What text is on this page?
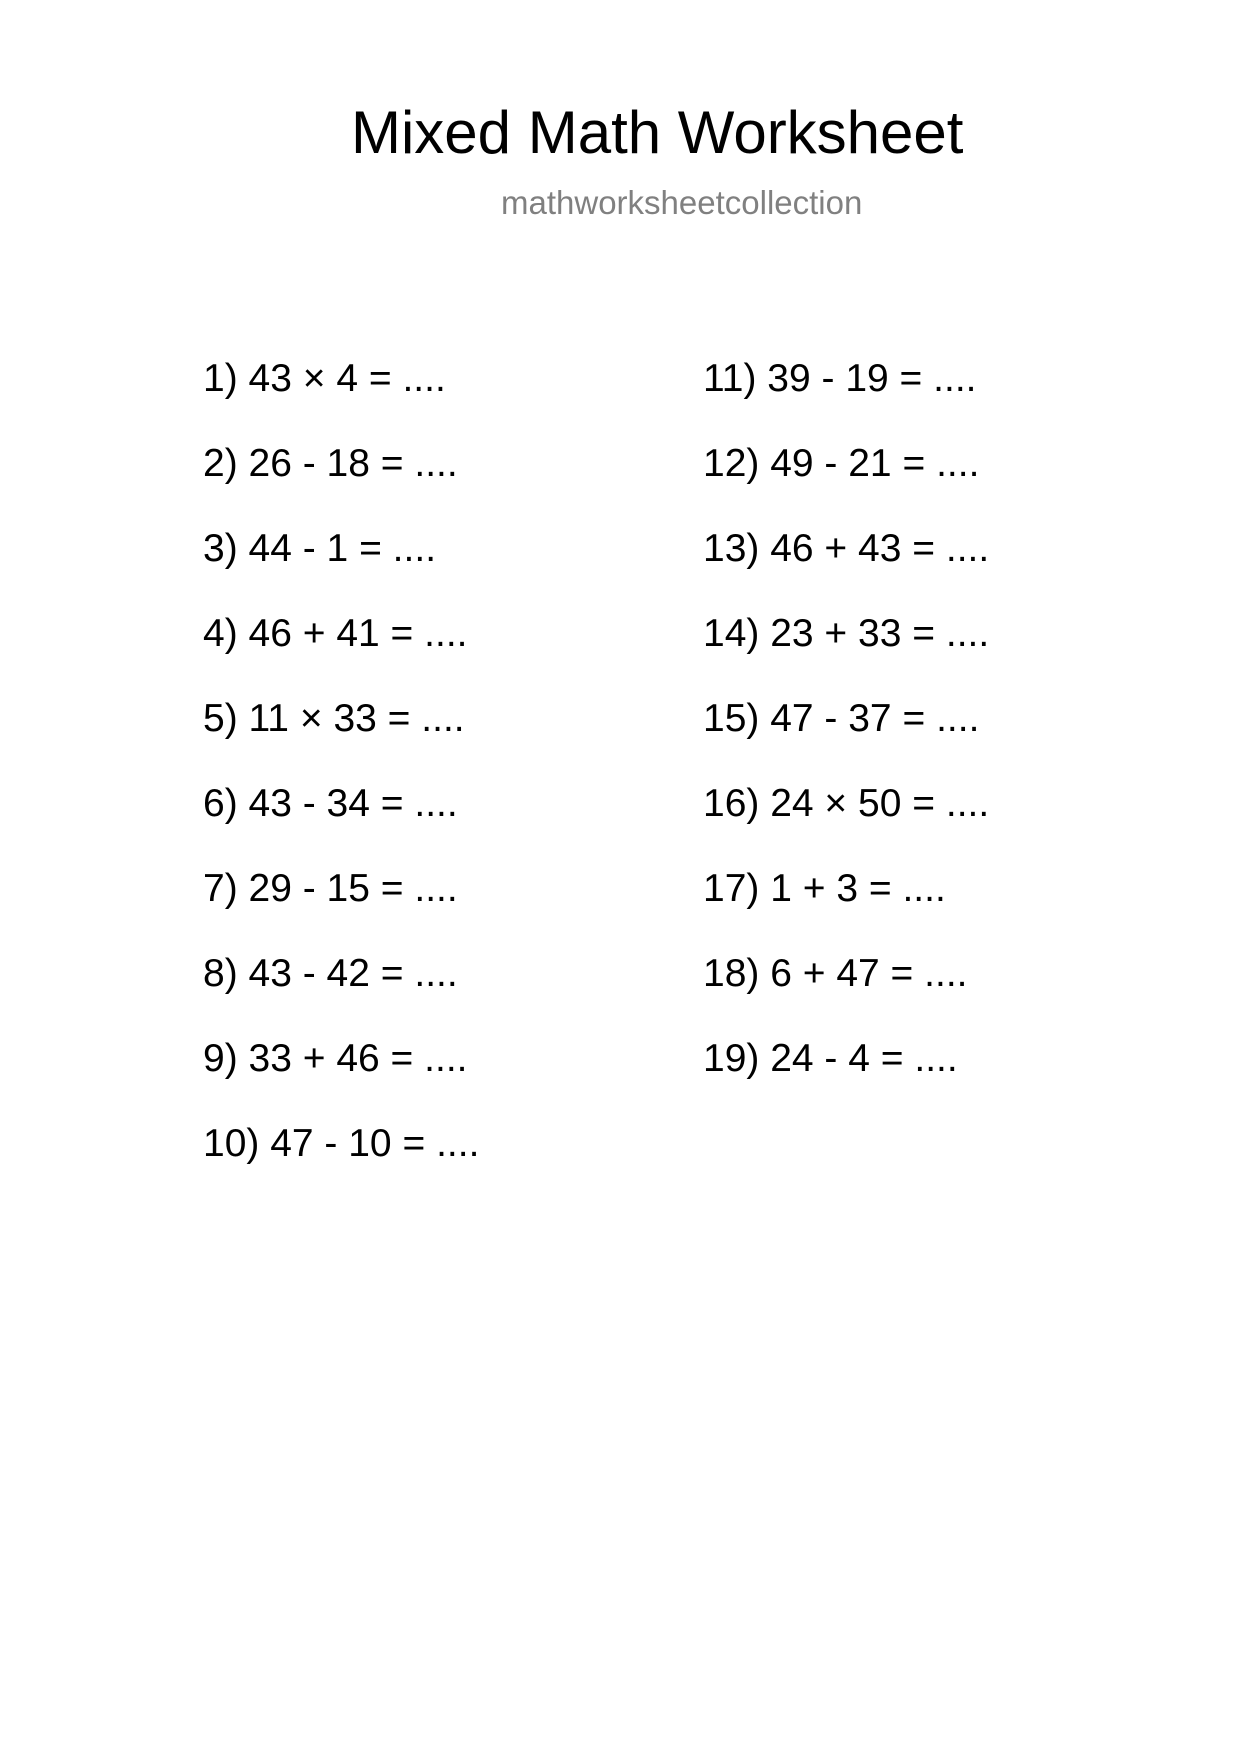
Mixed Math Worksheet
mathworksheetcollection
1) 43 × 4 = ....
2) 26 - 18 = ....
3) 44 - 1 = ....
4) 46 + 41 = ....
5) 11 × 33 = ....
6) 43 - 34 = ....
7) 29 - 15 = ....
8) 43 - 42 = ....
9) 33 + 46 = ....
10) 47 - 10 = ....
11) 39 - 19 = ....
12) 49 - 21 = ....
13) 46 + 43 = ....
14) 23 + 33 = ....
15) 47 - 37 = ....
16) 24 × 50 = ....
17) 1 + 3 = ....
18) 6 + 47 = ....
19) 24 - 4 = ....
